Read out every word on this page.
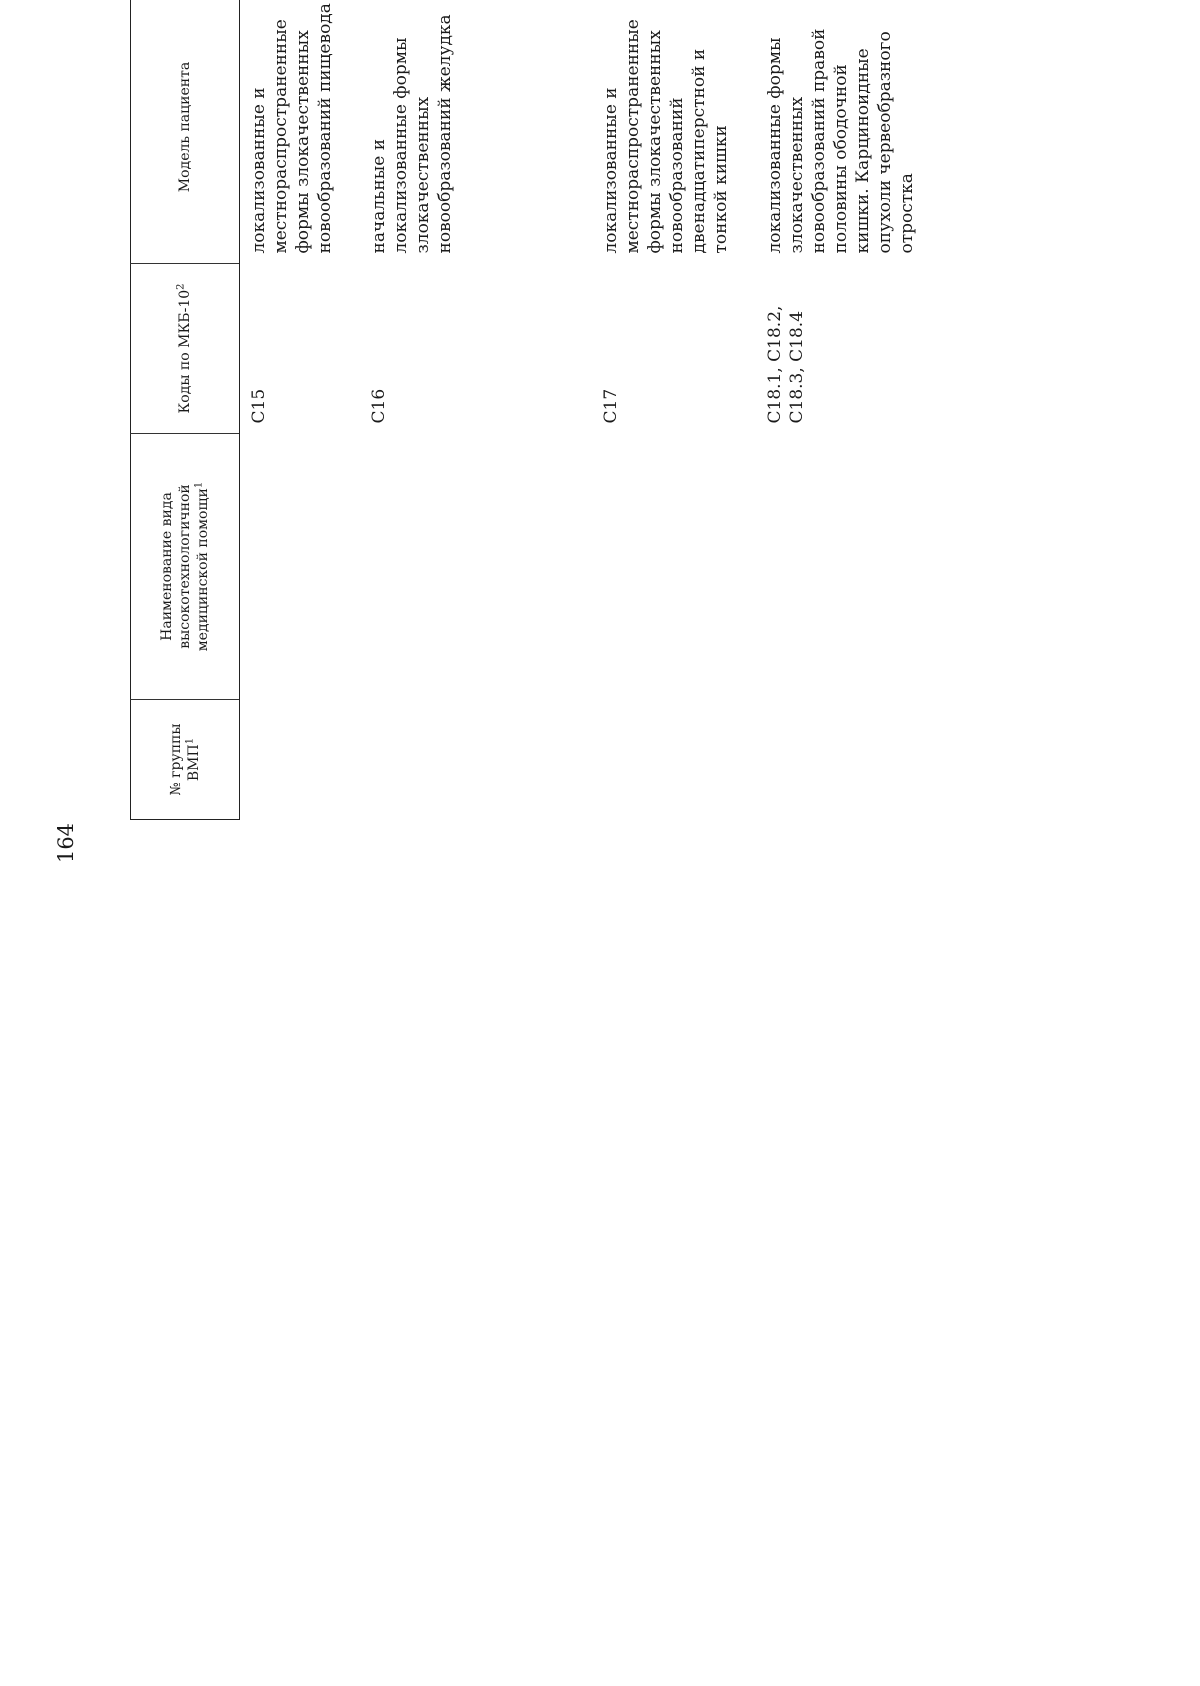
164
№ группы ВМП$^1$	Наименование вида высокотехнологичной медицинской помощи$^1$	Коды по МКБ-$10^2$	Модель пациента			
		C15	локализованные и местнораспространенные формы злокачественных новообразований пищевода		

		C16	начальные и локализованные формы злокачественных новообразований желудка		

		C17	локализованные и местнораспространенные формы злокачественных новообразований двенадцатиперстной и тонкой кишки		

		C18.1, C18.2, C18.3, C18.4	локализованные формы злокачественных новообразований правой половины ободочной кишки. Карциноидные опухоли червеобразного отростка		
